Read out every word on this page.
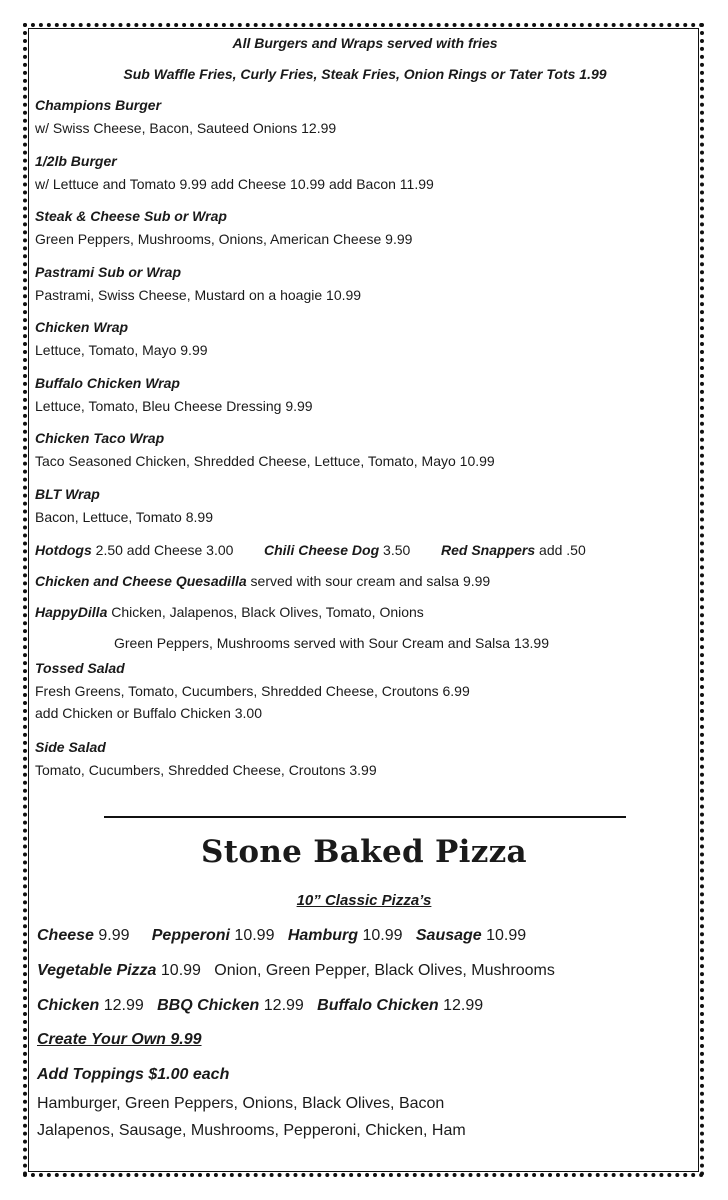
All Burgers and Wraps served with fries
Sub Waffle Fries, Curly Fries, Steak Fries, Onion Rings or Tater Tots 1.99
Champions Burger
w/ Swiss Cheese, Bacon, Sauteed Onions 12.99
1/2lb Burger
w/ Lettuce and Tomato 9.99 add Cheese 10.99 add Bacon 11.99
Steak & Cheese Sub or Wrap
Green Peppers, Mushrooms, Onions, American Cheese 9.99
Pastrami Sub or Wrap
Pastrami, Swiss Cheese, Mustard on a hoagie 10.99
Chicken Wrap
Lettuce, Tomato, Mayo 9.99
Buffalo Chicken Wrap
Lettuce, Tomato, Bleu Cheese Dressing 9.99
Chicken Taco Wrap
Taco Seasoned Chicken, Shredded Cheese, Lettuce, Tomato, Mayo 10.99
BLT Wrap
Bacon, Lettuce, Tomato 8.99
Hotdogs 2.50 add Cheese 3.00 Chili Cheese Dog 3.50 Red Snappers add .50
Chicken and Cheese Quesadilla served with sour cream and salsa 9.99
HappyDilla Chicken, Jalapenos, Black Olives, Tomato, Onions
Green Peppers, Mushrooms served with Sour Cream and Salsa 13.99
Tossed Salad
Fresh Greens, Tomato, Cucumbers, Shredded Cheese, Croutons 6.99
add Chicken or Buffalo Chicken 3.00
Side Salad
Tomato, Cucumbers, Shredded Cheese, Croutons 3.99
Stone Baked Pizza
10” Classic Pizza’s
Cheese 9.99 Pepperoni 10.99 Hamburg 10.99 Sausage 10.99
Vegetable Pizza 10.99   Onion, Green Pepper, Black Olives, Mushrooms
Chicken 12.99 BBQ Chicken 12.99 Buffalo Chicken 12.99
Create Your Own 9.99
Add Toppings $1.00 each
Hamburger, Green Peppers, Onions, Black Olives, Bacon
Jalapenos, Sausage, Mushrooms, Pepperoni, Chicken, Ham
